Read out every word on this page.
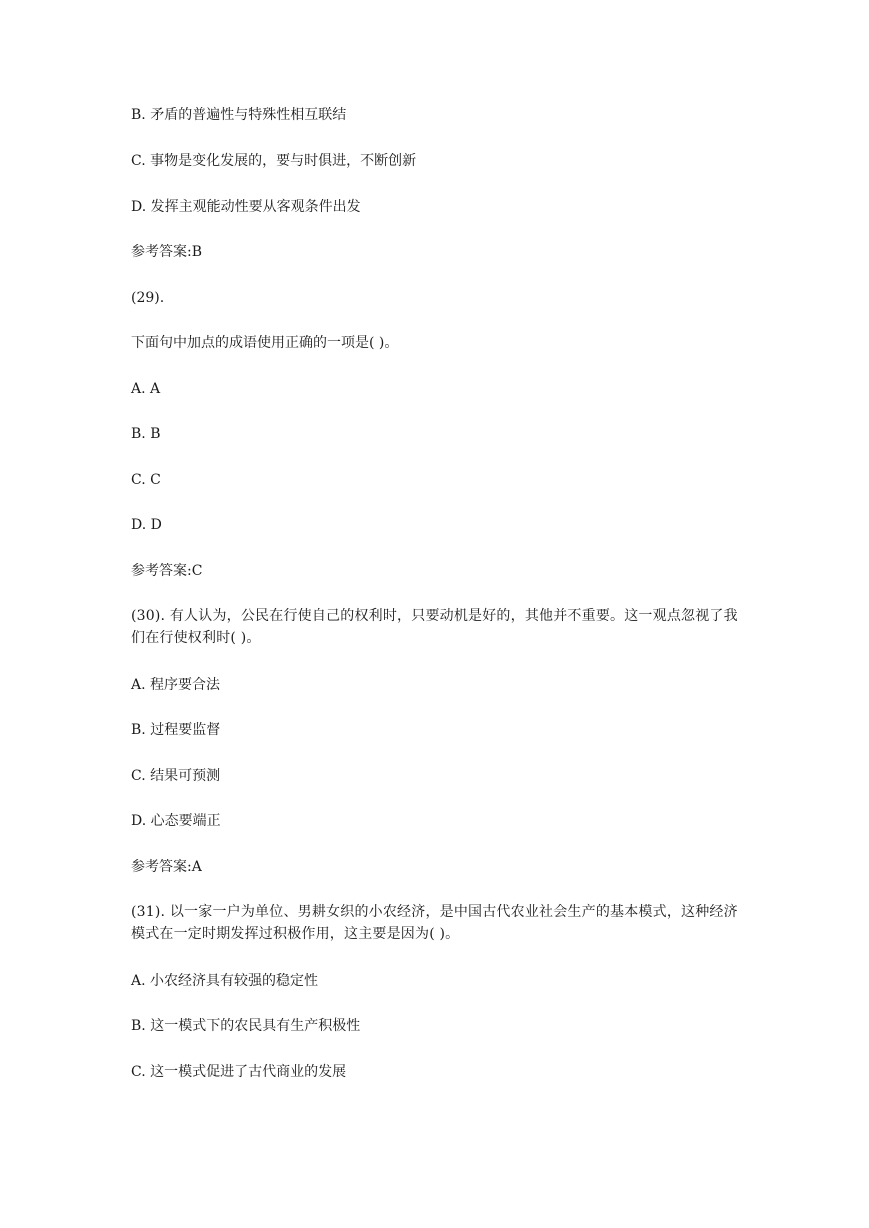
B. 矛盾的普遍性与特殊性相互联结
C. 事物是变化发展的，要与时俱进，不断创新
D. 发挥主观能动性要从客观条件出发
参考答案:B
(29).
下面句中加点的成语使用正确的一项是( )。
A. A
B. B
C. C
D. D
参考答案:C
(30). 有人认为，公民在行使自己的权利时，只要动机是好的，其他并不重要。这一观点忽视了我们在行使权利时( )。
A. 程序要合法
B. 过程要监督
C. 结果可预测
D. 心态要端正
参考答案:A
(31). 以一家一户为单位、男耕女织的小农经济，是中国古代农业社会生产的基本模式，这种经济模式在一定时期发挥过积极作用，这主要是因为( )。
A. 小农经济具有较强的稳定性
B. 这一模式下的农民具有生产积极性
C. 这一模式促进了古代商业的发展
